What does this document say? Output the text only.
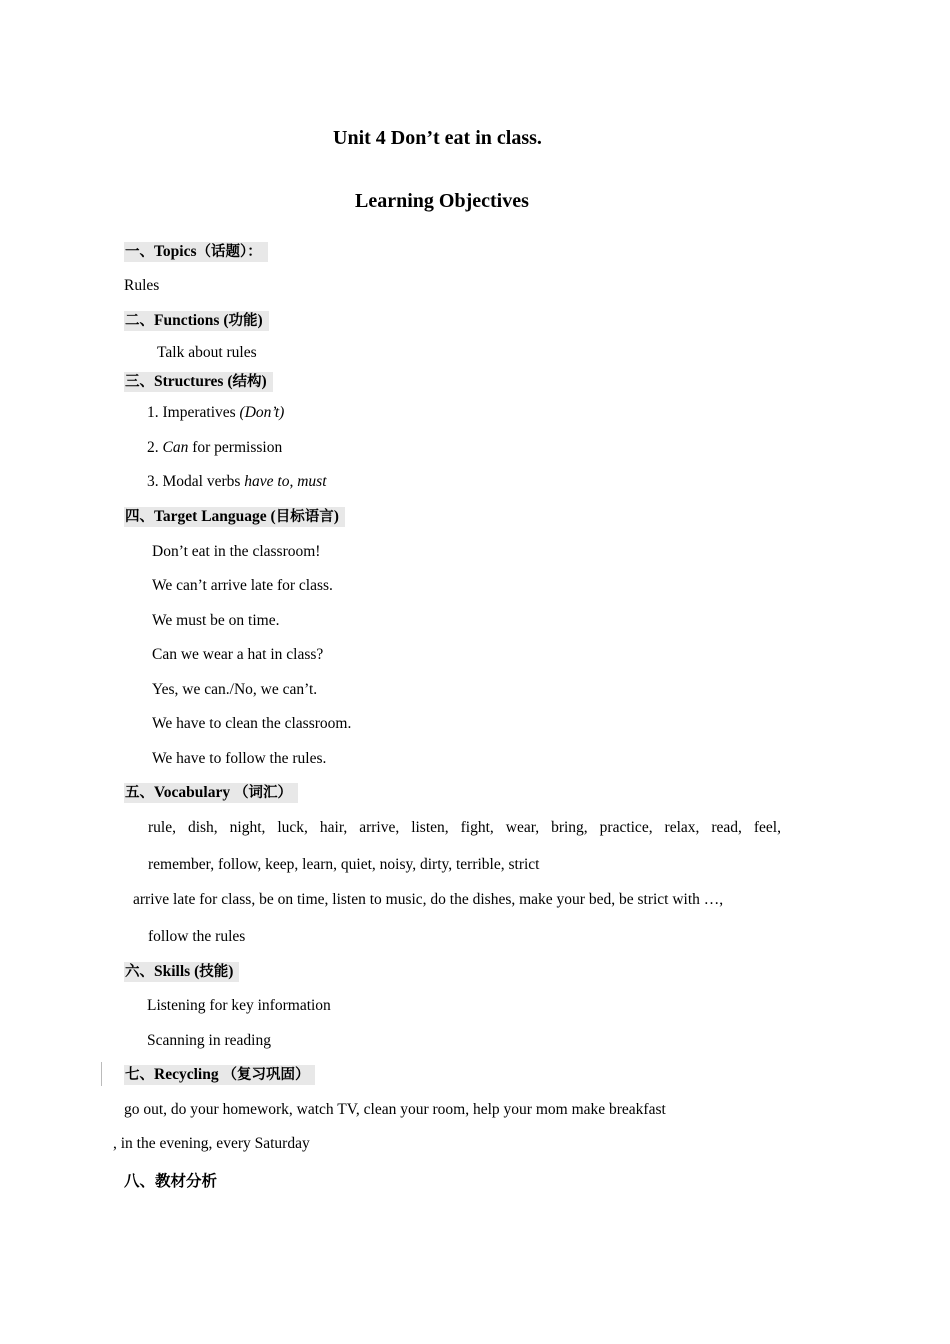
Unit 4 Don’t eat in class.
Learning Objectives
一、Topics（话题）：
Rules
二、Functions (功能)
Talk about rules
三、Structures (结构)
1. Imperatives (Don’t)
2. Can for permission
3. Modal verbs have to, must
四、Target Language (目标语言)
Don’t eat in the classroom!
We can’t arrive late for class.
We must be on time.
Can we wear a hat in class?
Yes, we can./No, we can’t.
We have to clean the classroom.
We have to follow the rules.
五、Vocabulary （词汇）
rule, dish, night, luck, hair, arrive, listen, fight, wear, bring, practice, relax, read, feel,
remember, follow, keep, learn, quiet, noisy, dirty, terrible, strict
arrive late for class, be on time, listen to music, do the dishes, make your bed, be strict with …,
follow the rules
六、Skills (技能)
Listening for key information
Scanning in reading
七、Recycling （复习巩固）
go out, do your homework, watch TV, clean your room, help your mom make breakfast
, in the evening, every Saturday
八、教材分析
